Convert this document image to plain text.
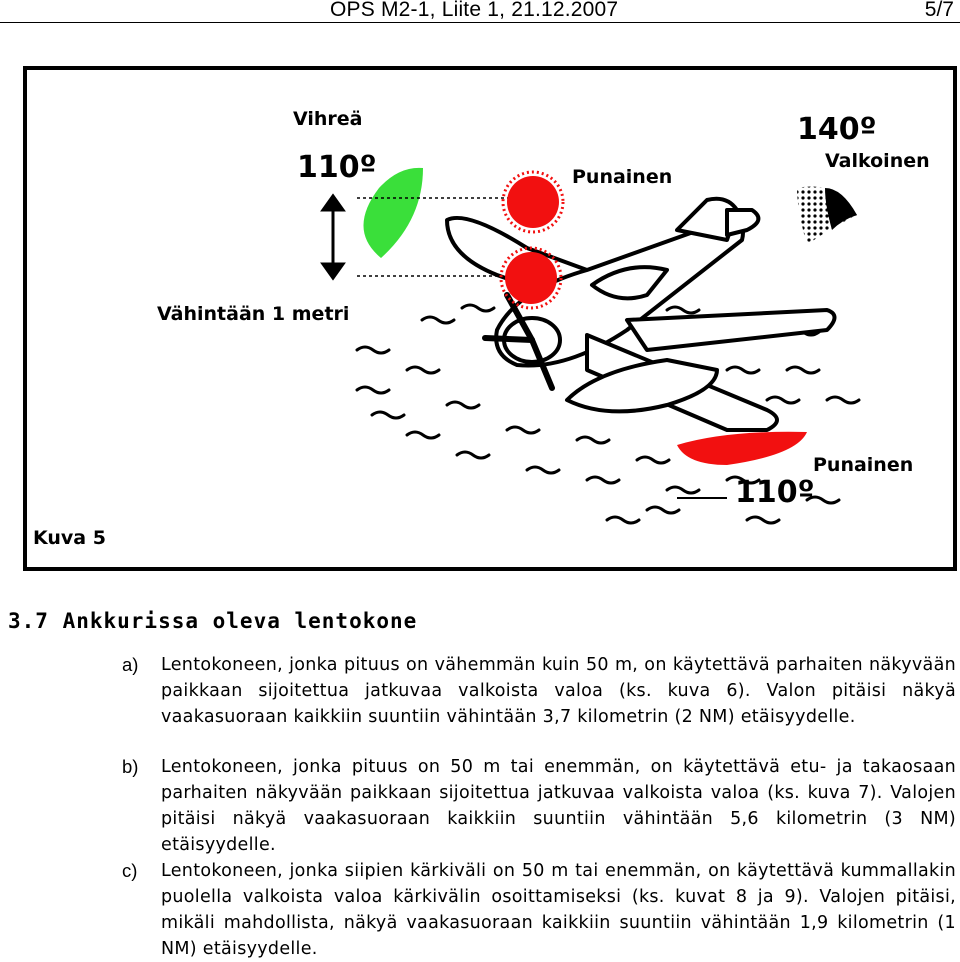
OPS M2-1, Liite 1, 21.12.2007	5/7
Vihreä
110º	Punainen
140º
Valkoinen
Vähintään 1 metri
Punainen
110º
Kuva 5
3.7 Ankkurissa oleva lentokone
a) Lentokoneen, jonka pituus on vähemmän kuin 50 m, on käytettävä parhaiten näkyvään paikkaan sijoitettua jatkuvaa valkoista valoa (ks. kuva 6). Valon pitäisi näkyä vaakasuoraan kaikkiin suuntiin vähintään 3,7 kilometrin (2 NM) etäisyydelle.
b) Lentokoneen, jonka pituus on 50 m tai enemmän, on käytettävä etu- ja takaosaan parhaiten näkyvään paikkaan sijoitettua jatkuvaa valkoista valoa (ks. kuva 7). Valojen pitäisi näkyä vaakasuoraan kaikkiin suuntiin vähintään 5,6 kilometrin (3 NM) etäisyydelle.
c) Lentokoneen, jonka siipien kärkiväli on 50 m tai enemmän, on käytettävä kummallakin puolella valkoista valoa kärkivälin osoittamiseksi (ks. kuvat 8 ja 9). Valojen pitäisi, mikäli mahdollista, näkyä vaakasuoraan kaikkiin suuntiin vähintään 1,9 kilometrin (1 NM) etäisyydelle.
